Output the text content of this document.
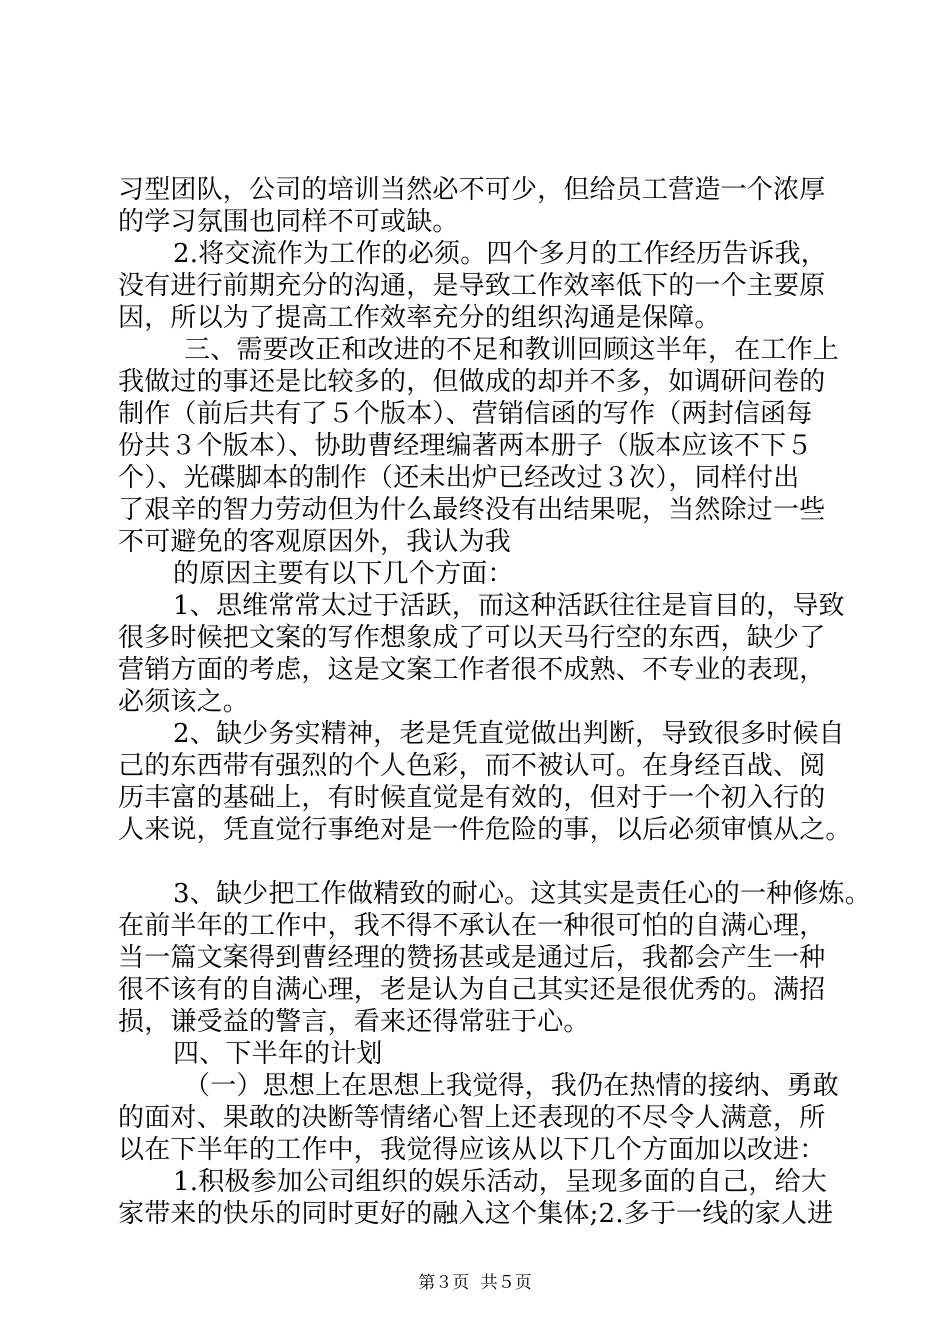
习型团队，公司的培训当然必不可少，但给员工营造一个浓厚
的学习氛围也同样不可或缺。
2.将交流作为工作的必须。四个多月的工作经历告诉我，
没有进行前期充分的沟通，是导致工作效率低下的一个主要原
因，所以为了提高工作效率充分的组织沟通是保障。
三、需要改正和改进的不足和教训回顾这半年，在工作上
我做过的事还是比较多的，但做成的却并不多，如调研问卷的
制作（前后共有了５个版本）、营销信函的写作（两封信函每
份共３个版本）、协助曹经理编著两本册子（版本应该不下５
个）、光碟脚本的制作（还未出炉已经改过３次），同样付出
了艰辛的智力劳动但为什么最终没有出结果呢，当然除过一些
不可避免的客观原因外，我认为我
的原因主要有以下几个方面：
1、思维常常太过于活跃，而这种活跃往往是盲目的，导致
很多时候把文案的写作想象成了可以天马行空的东西，缺少了
营销方面的考虑，这是文案工作者很不成熟、不专业的表现，
必须该之。
2、缺少务实精神，老是凭直觉做出判断，导致很多时候自
己的东西带有强烈的个人色彩，而不被认可。在身经百战、阅
历丰富的基础上，有时候直觉是有效的，但对于一个初入行的
人来说，凭直觉行事绝对是一件危险的事，以后必须审慎从之。
3、缺少把工作做精致的耐心。这其实是责任心的一种修炼。
在前半年的工作中，我不得不承认在一种很可怕的自满心理，
当一篇文案得到曹经理的赞扬甚或是通过后，我都会产生一种
很不该有的自满心理，老是认为自己其实还是很优秀的。满招
损，谦受益的警言，看来还得常驻于心。
四、下半年的计划
（一）思想上在思想上我觉得，我仍在热情的接纳、勇敢
的面对、果敢的决断等情绪心智上还表现的不尽令人满意，所
以在下半年的工作中，我觉得应该从以下几个方面加以改进：
1.积极参加公司组织的娱乐活动，呈现多面的自己，给大
家带来的快乐的同时更好的融入这个集体;2.多于一线的家人进
第３页 共５页
